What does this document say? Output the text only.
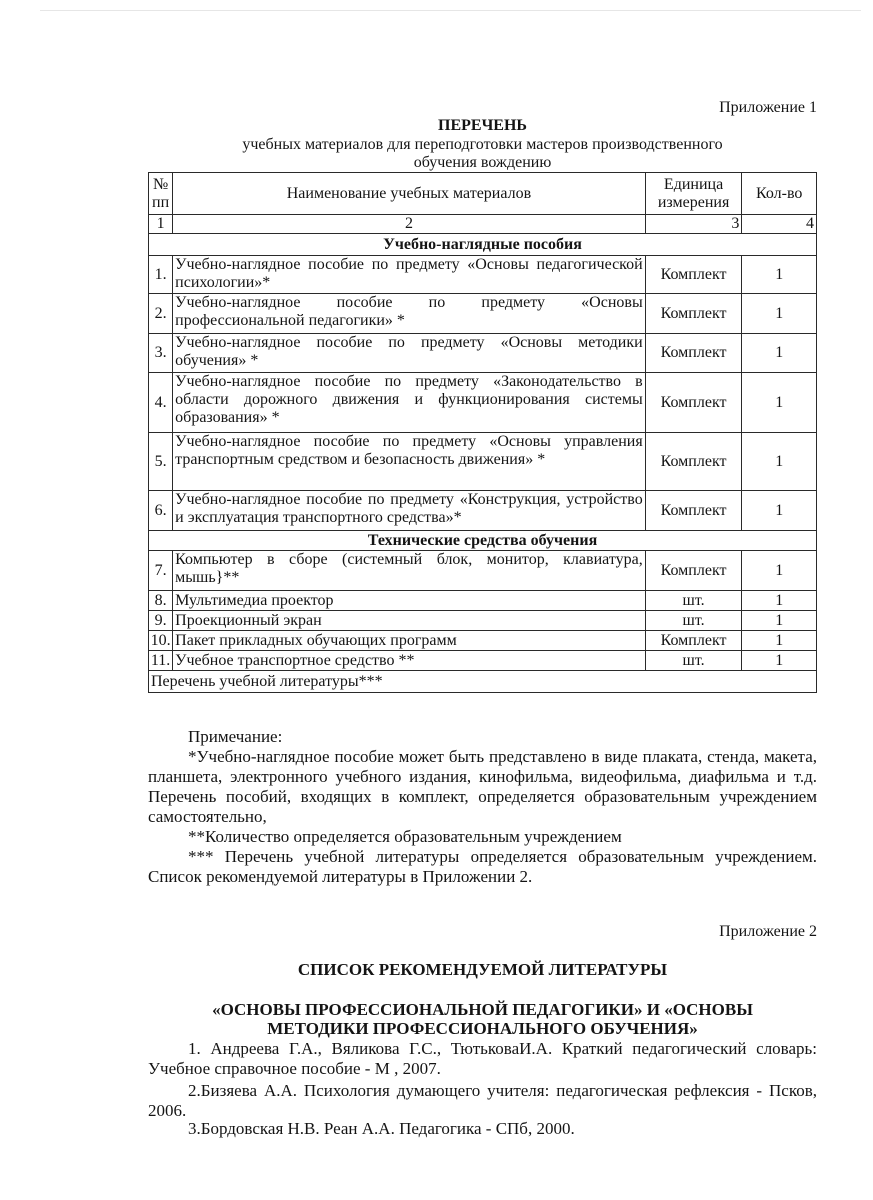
Приложение 1
ПЕРЕЧЕНЬ
учебных материалов для переподготовки мастеров производственного
обучения вождению
№ пп	Наименование учебных материалов	Единица измерения	Кол-во
1	2	3	4
Учебно-наглядные пособия			
1.	Учебно-наглядное пособие по предмету «Основы педагогической психологии»*	Комплект	1
2.	Учебно-наглядное пособие по предмету «Основы профессиональной педагогики» *	Комплект	1
3.	Учебно-наглядное пособие по предмету «Основы методики обучения» *	Комплект	1
4.	Учебно-наглядное пособие по предмету «Законодательство в области дорожного движения и функционирования системы образования» *	Комплект	1
5.	Учебно-наглядное пособие по предмету «Основы управления транспортным средством и безопасность движения» *	Комплект	1
6.	Учебно-наглядное пособие по предмету «Конструкция, устройство и эксплуатация транспортного средства»*	Комплект	1
Технические средства обучения			
7.	Компьютер в сборе (системный блок, монитор, клавиатура, мышь}**	Комплект	1
8.	Мультимедиа проектор	шт.	1
9.	Проекционный экран	шт.	1
10.	Пакет прикладных обучающих программ	Комплект	1
11.	Учебное транспортное средство **	шт.	1
Перечень учебной литературы***			
Примечание:
*Учебно-наглядное пособие может быть представлено в виде плаката, стенда, макета, планшета, электронного учебного издания, кинофильма, видеофильма, диафильма и т.д. Перечень пособий, входящих в комплект, определяется образовательным учреждением самостоятельно,
**Количество определяется образовательным учреждением
*** Перечень учебной литературы определяется образовательным учреждением. Список рекомендуемой литературы в Приложении 2.
Приложение 2
СПИСОК РЕКОМЕНДУЕМОЙ ЛИТЕРАТУРЫ
«ОСНОВЫ ПРОФЕССИОНАЛЬНОЙ ПЕДАГОГИКИ» И «ОСНОВЫ
МЕТОДИКИ ПРОФЕССИОНАЛЬНОГО ОБУЧЕНИЯ»
1. Андреева Г.А., Вяликова Г.С., ТютьковаИ.А. Краткий педагогический словарь:
Учебное справочное пособие - М , 2007.
2.Бизяева А.А. Психология думающего учителя: педагогическая рефлексия - Псков, 2006.
3.Бордовская Н.В. Реан А.А. Педагогика - СПб, 2000.
